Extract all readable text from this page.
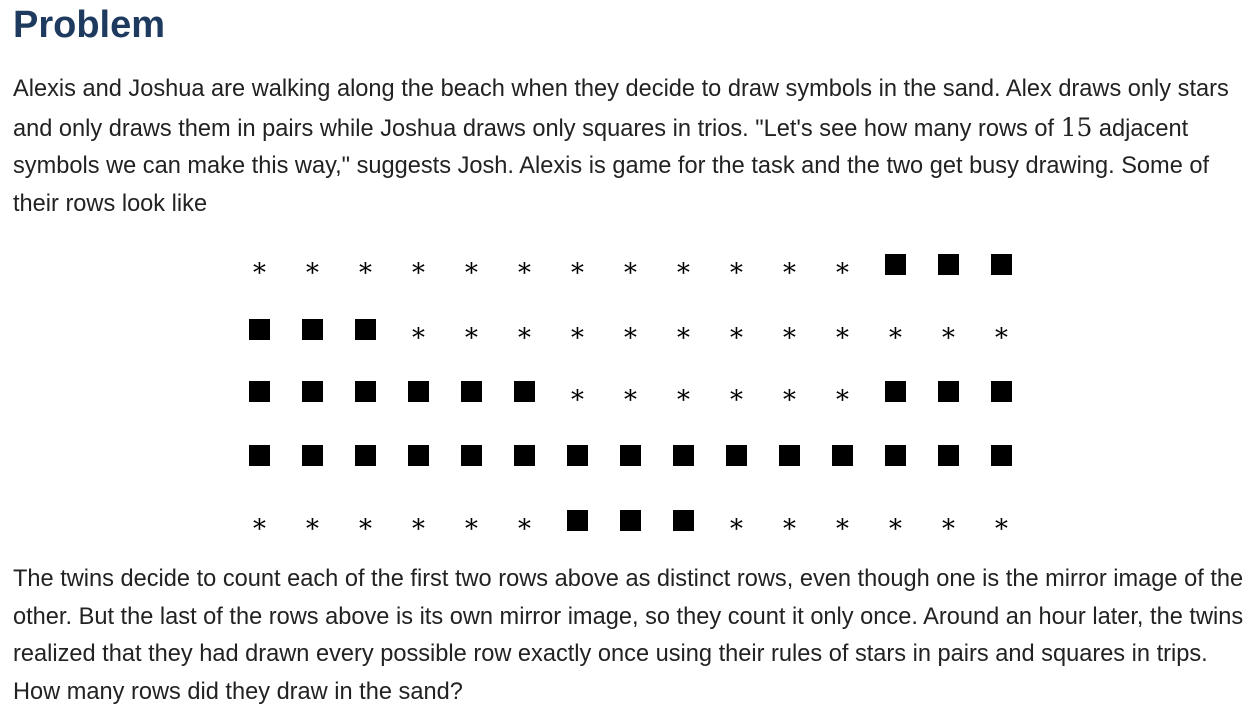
Problem

Alexis and Joshua are walking along the beach when they decide to draw symbols in the sand. Alex draws only stars and only draws them in pairs while Joshua draws only squares in trios. "Let's see how many rows of 15 adjacent symbols we can make this way," suggests Josh. Alexis is game for the task and the two get busy drawing. Some of their rows look like

∗ ∗ ∗ ∗ ∗ ∗ ∗ ∗ ∗ ∗ ∗ ∗
∗ ∗ ∗ ∗ ∗ ∗ ∗ ∗ ∗ ∗ ∗ ∗
∗ ∗ ∗ ∗ ∗ ∗
∗ ∗ ∗ ∗ ∗ ∗	∗ ∗ ∗ ∗ ∗ ∗

The twins decide to count each of the first two rows above as distinct rows, even though one is the mirror image of the other. But the last of the rows above is its own mirror image, so they count it only once. Around an hour later, the twins realized that they had drawn every possible row exactly once using their rules of stars in pairs and squares in trips. How many rows did they draw in the sand?
